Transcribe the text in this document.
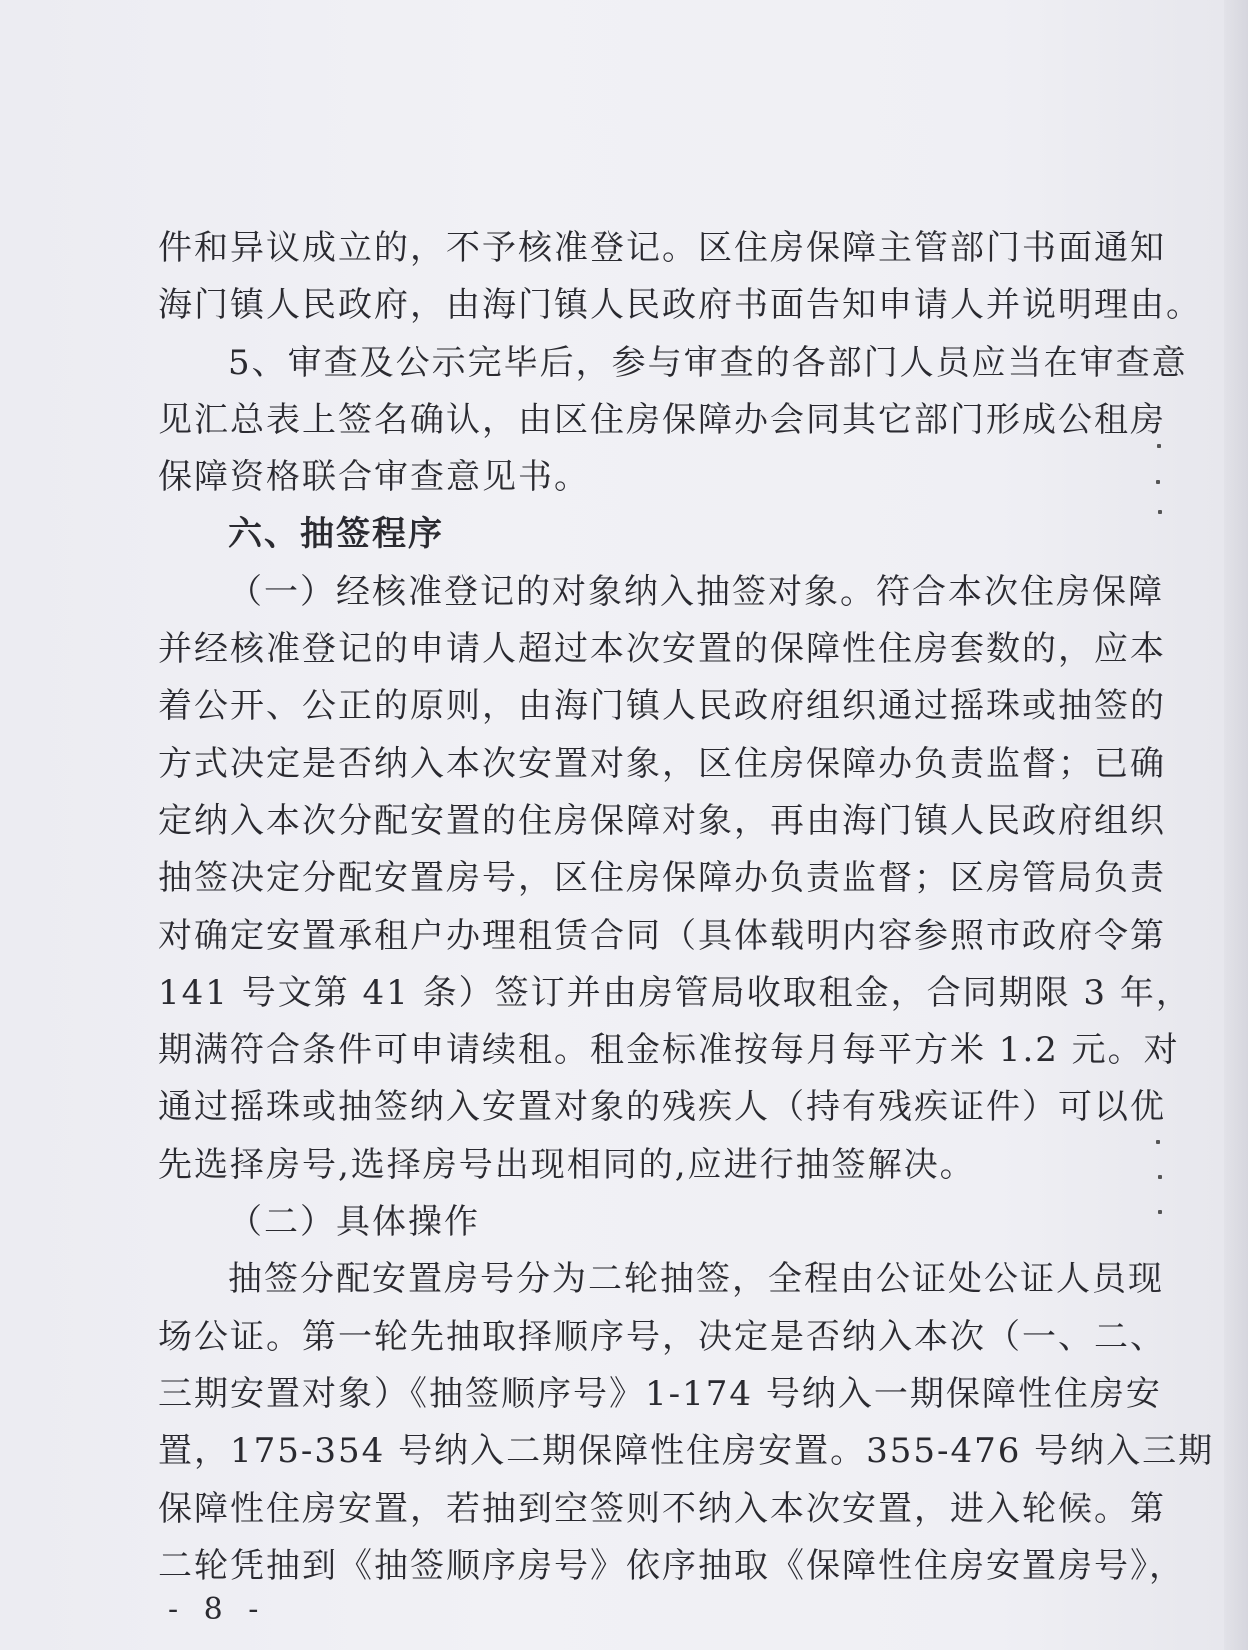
件和异议成立的，不予核准登记。区住房保障主管部门书面通知
海门镇人民政府，由海门镇人民政府书面告知申请人并说明理由。
5、审查及公示完毕后，参与审查的各部门人员应当在审查意
见汇总表上签名确认，由区住房保障办会同其它部门形成公租房
保障资格联合审查意见书。
六、抽签程序
（一）经核准登记的对象纳入抽签对象。符合本次住房保障
并经核准登记的申请人超过本次安置的保障性住房套数的，应本
着公开、公正的原则，由海门镇人民政府组织通过摇珠或抽签的
方式决定是否纳入本次安置对象，区住房保障办负责监督；已确
定纳入本次分配安置的住房保障对象，再由海门镇人民政府组织
抽签决定分配安置房号，区住房保障办负责监督；区房管局负责
对确定安置承租户办理租赁合同（具体载明内容参照市政府令第
141 号文第 41 条）签订并由房管局收取租金，合同期限 3 年，
期满符合条件可申请续租。租金标准按每月每平方米 1.2 元。对
通过摇珠或抽签纳入安置对象的残疾人（持有残疾证件）可以优
先选择房号,选择房号出现相同的,应进行抽签解决。
（二）具体操作
抽签分配安置房号分为二轮抽签，全程由公证处公证人员现
场公证。第一轮先抽取择顺序号，决定是否纳入本次（一、二、
三期安置对象）《抽签顺序号》1-174 号纳入一期保障性住房安
置，175-354 号纳入二期保障性住房安置。355-476 号纳入三期
保障性住房安置，若抽到空签则不纳入本次安置，进入轮候。第
二轮凭抽到《抽签顺序房号》依序抽取《保障性住房安置房号》，
- 8 -
